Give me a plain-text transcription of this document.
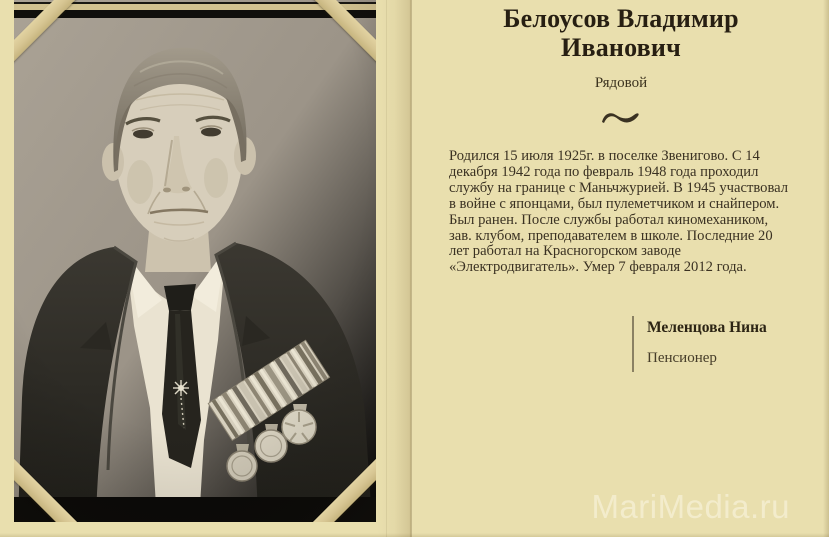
Белоусов Владимир Иванович
Рядовой

Родился 15 июля 1925г. в поселке Звенигово. С 14 декабря 1942 года по февраль 1948 года проходил службу на границе с Маньчжурией. В 1945 участвовал в войне с японцами, был пулеметчиком и снайпером. Был ранен. После службы работал киномехаником, зав. клубом, преподавателем в школе. Последние 20 лет работал на Красногорском заводе «Электродвигатель». Умер 7 февраля 2012 года.

Меленцова Нина
Пенсионер
MariMedia.ru
